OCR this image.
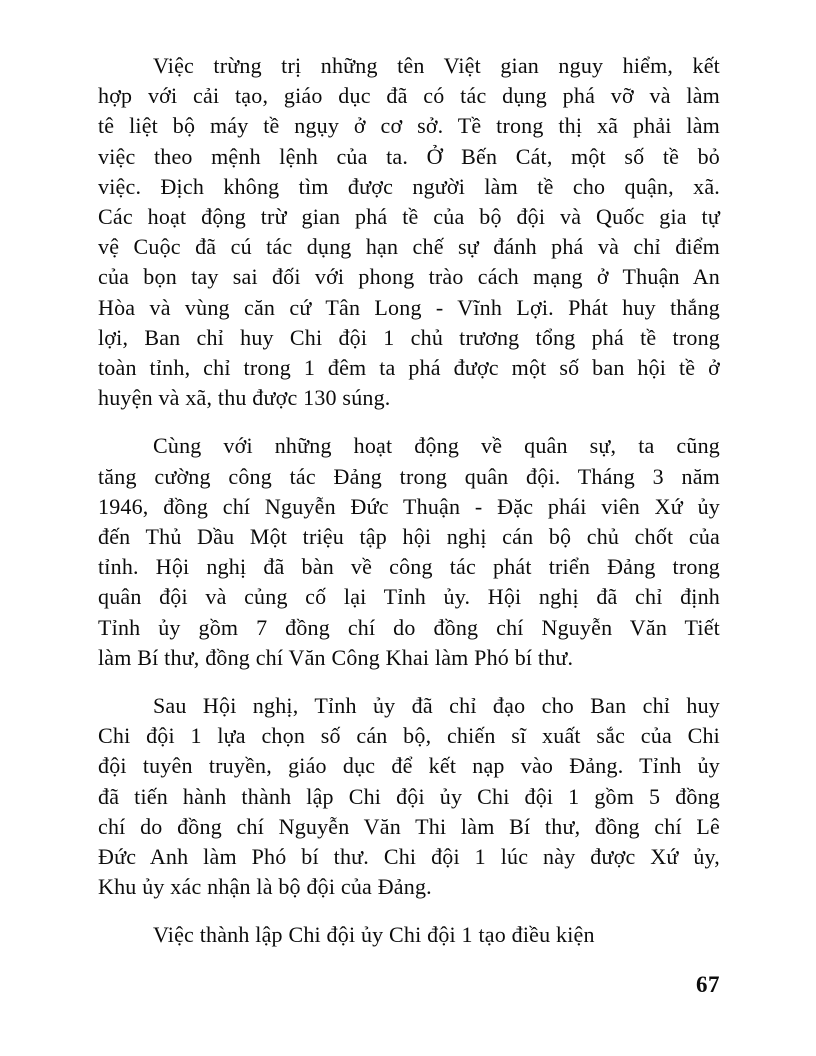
Việc trừng trị những tên Việt gian nguy hiểm, kết
hợp với cải tạo, giáo dục đã có tác dụng phá vỡ và làm
tê liệt bộ máy tề ngụy ở cơ sở. Tề trong thị xã phải làm
việc theo mệnh lệnh của ta. Ở Bến Cát, một số tề bỏ
việc. Địch không tìm được người làm tề cho quận, xã.
Các hoạt động trừ gian phá tề của bộ đội và Quốc gia tự
vệ Cuộc đã cú tác dụng hạn chế sự đánh phá và chỉ điểm
của bọn tay sai đối với phong trào cách mạng ở Thuận An
Hòa và vùng căn cứ Tân Long - Vĩnh Lợi. Phát huy thắng
lợi, Ban chỉ huy Chi đội 1 chủ trương tổng phá tề trong
toàn tỉnh, chỉ trong 1 đêm ta phá được một số ban hội tề ở
huyện và xã, thu được 130 súng.
Cùng với những hoạt động về quân sự, ta cũng
tăng cường công tác Đảng trong quân đội. Tháng 3 năm
1946, đồng chí Nguyễn Đức Thuận - Đặc phái viên Xứ ủy
đến Thủ Dầu Một triệu tập hội nghị cán bộ chủ chốt của
tỉnh. Hội nghị đã bàn về công tác phát triển Đảng trong
quân đội và củng cố lại Tỉnh ủy. Hội nghị đã chỉ định
Tỉnh ủy gồm 7 đồng chí do đồng chí Nguyễn Văn Tiết
làm Bí thư, đồng chí Văn Công Khai làm Phó bí thư.
Sau Hội nghị, Tỉnh ủy đã chỉ đạo cho Ban chỉ huy
Chi đội 1 lựa chọn số cán bộ, chiến sĩ xuất sắc của Chi
đội tuyên truyền, giáo dục để kết nạp vào Đảng. Tỉnh ủy
đã tiến hành thành lập Chi đội ủy Chi đội 1 gồm 5 đồng
chí do đồng chí Nguyễn Văn Thi làm Bí thư, đồng chí Lê
Đức Anh làm Phó bí thư. Chi đội 1 lúc này được Xứ ủy,
Khu ủy xác nhận là bộ đội của Đảng.
Việc thành lập Chi đội ủy Chi đội 1 tạo điều kiện
67
